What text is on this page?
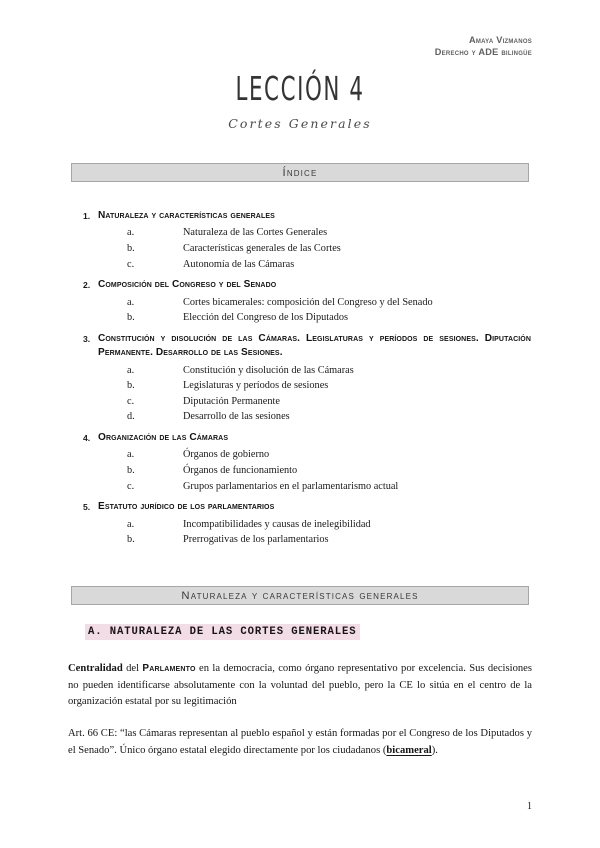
Amaya Vizmanos
Derecho y ADE bilingüe
LECCIÓN 4
Cortes Generales
Índice
1. Naturaleza y características generales
a.	Naturaleza de las Cortes Generales
b.	Características generales de las Cortes
c.	Autonomía de las Cámaras
2. Composición del Congreso y del Senado
a.	Cortes bicamerales: composición del Congreso y del Senado
b.	Elección del Congreso de los Diputados
3. Constitución y disolución de las Cámaras. Legislaturas y períodos de sesiones. Diputación Permanente. Desarrollo de las Sesiones.
a.	Constitución y disolución de las Cámaras
b.	Legislaturas y períodos de sesiones
c.	Diputación Permanente
d.	Desarrollo de las sesiones
4. Organización de las Cámaras
a.	Órganos de gobierno
b.	Órganos de funcionamiento
c.	Grupos parlamentarios en el parlamentarismo actual
5. Estatuto jurídico de los parlamentarios
a.	Incompatibilidades y causas de inelegibilidad
b.	Prerrogativas de los parlamentarios
Naturaleza y características generales
A. NATURALEZA DE LAS CORTES GENERALES

Centralidad del Parlamento en la democracia, como órgano representativo por excelencia. Sus decisiones no pueden identificarse absolutamente con la voluntad del pueblo, pero la CE lo sitúa en el centro de la organización estatal por su legitimación

Art. 66 CE: “las Cámaras representan al pueblo español y están formadas por el Congreso de los Diputados y el Senado”. Único órgano estatal elegido directamente por los ciudadanos (bicameral).

1
